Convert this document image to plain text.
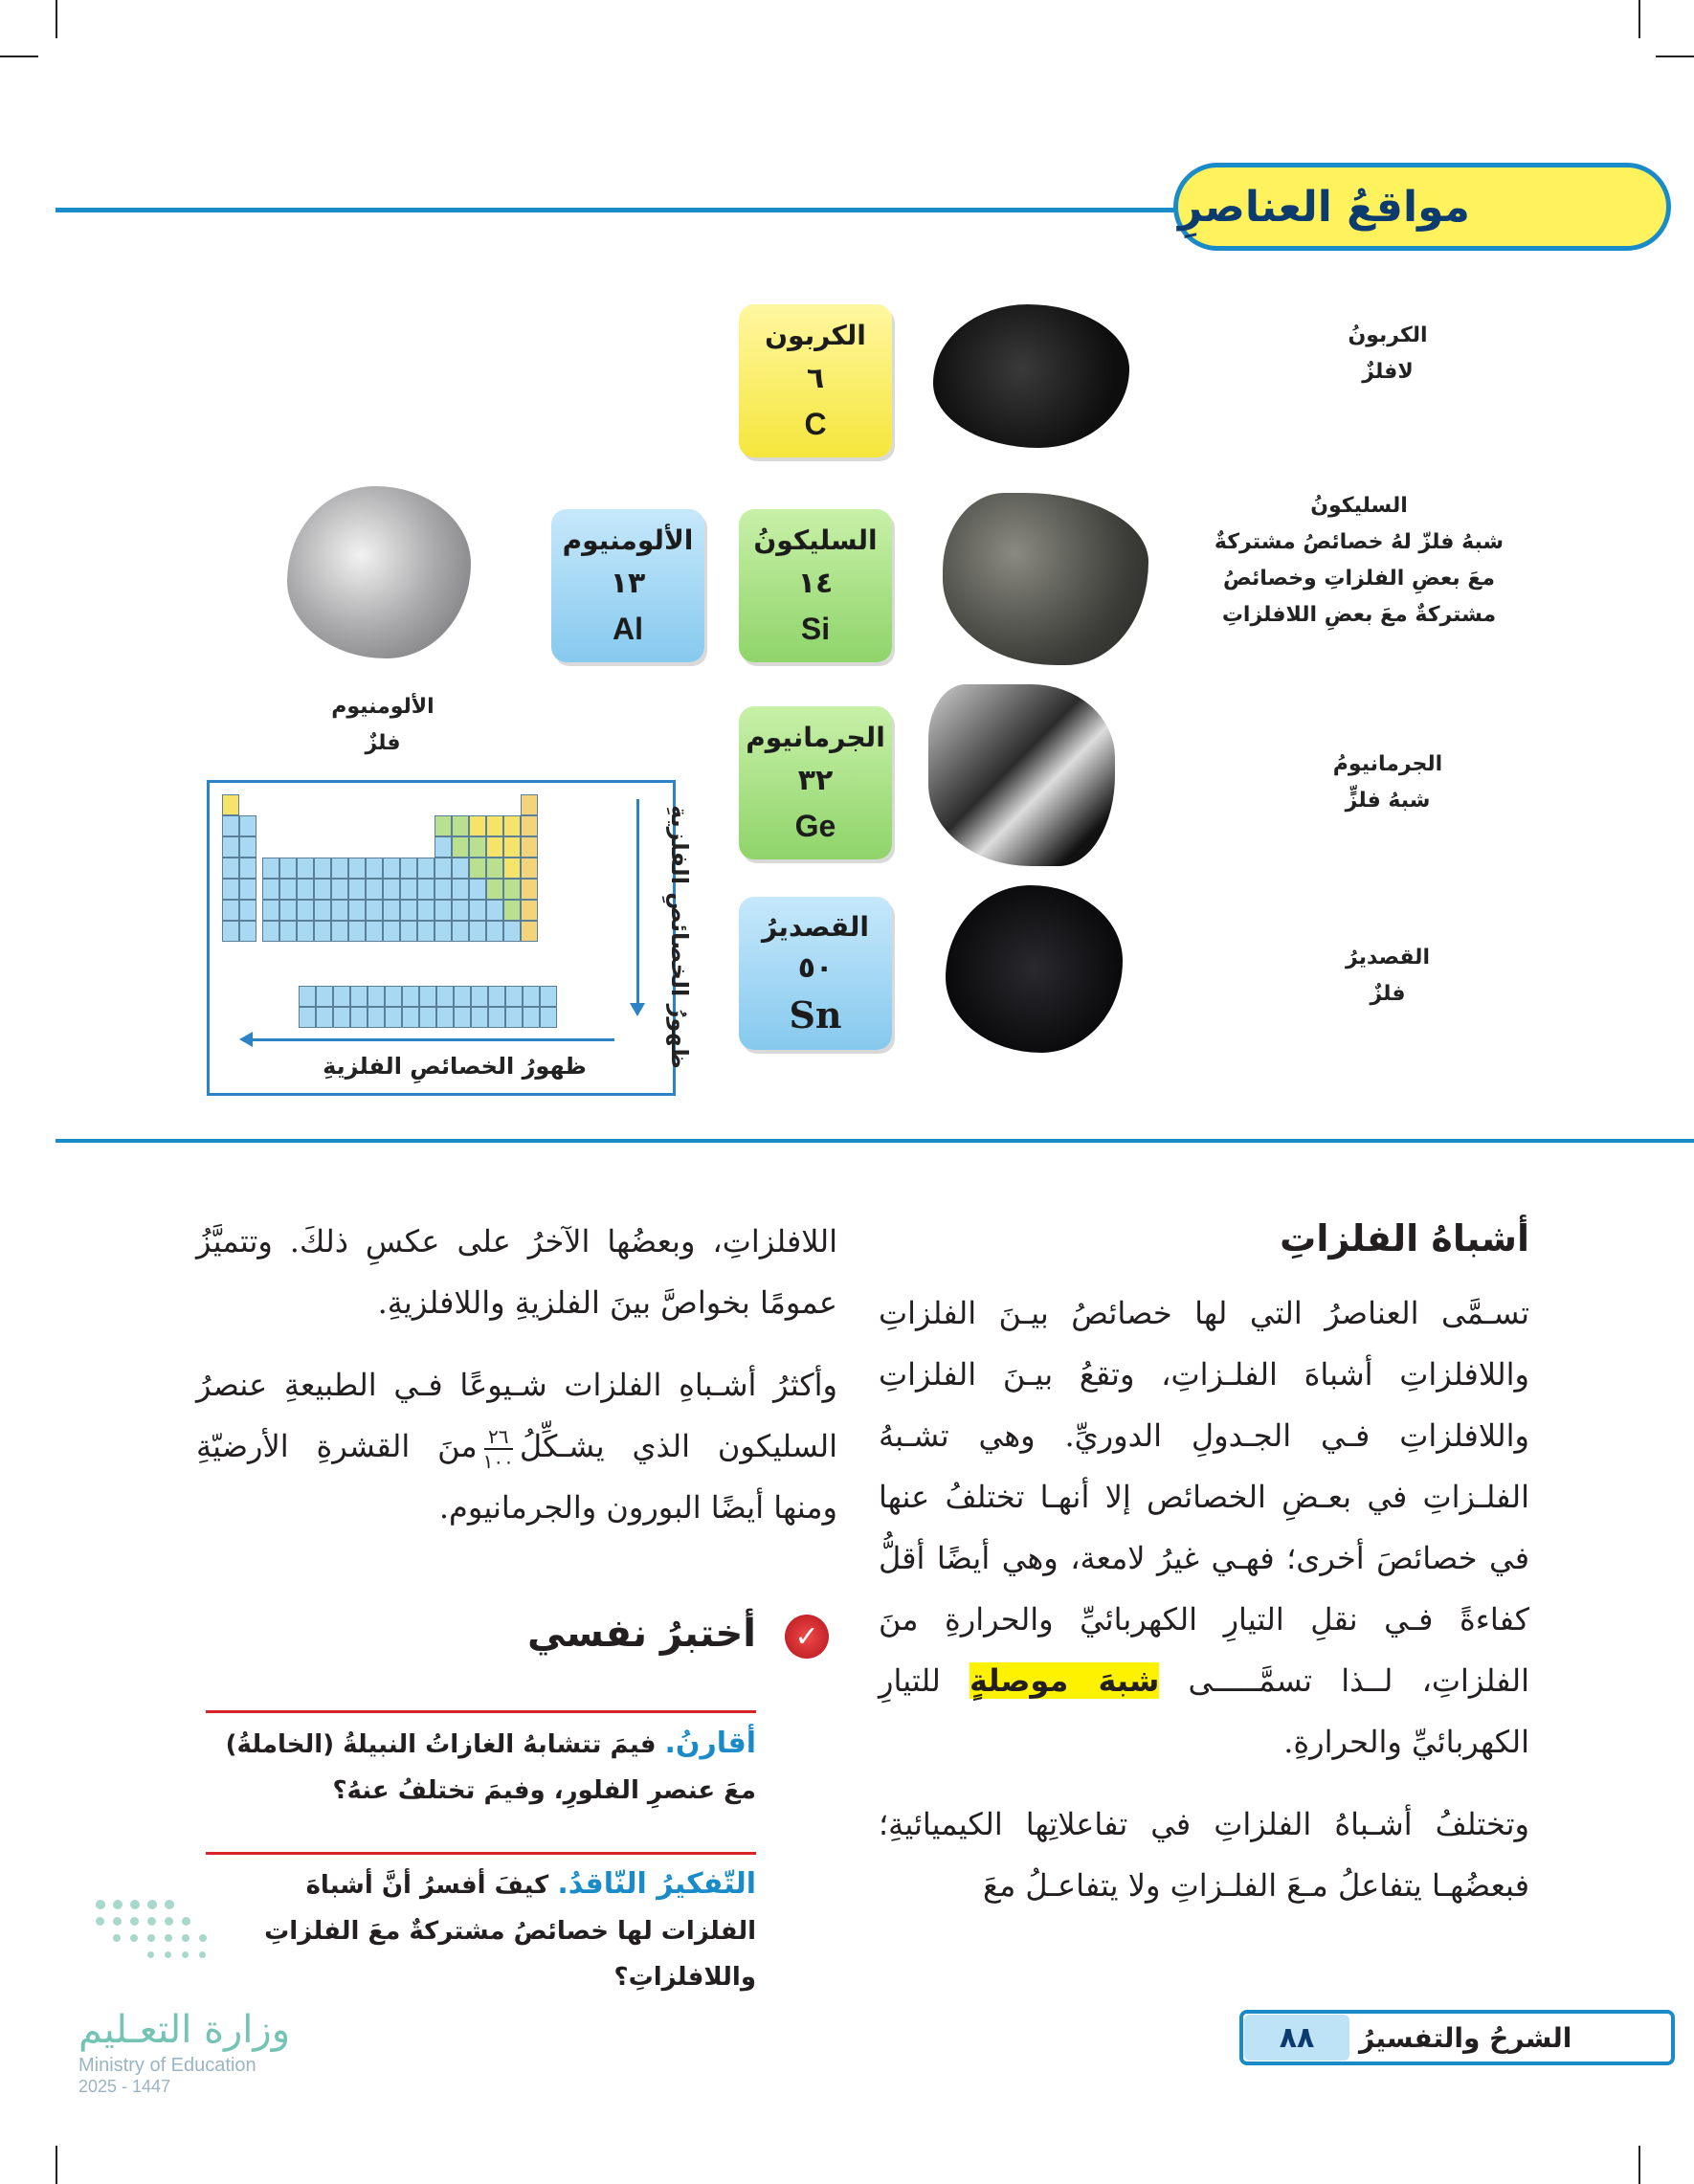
مواقعُ العناصرِ
الكربون
٦
C
السليكونُ
١٤
Si
الألومنيوم
١٣
Al
الجرمانيوم
٣٢
Ge
القصديرُ
٥٠
Sn
الكربونُ
لافلزٌ
السليكونُ
شبهُ فلزّ لهُ خصائصُ مشتركةٌ
معَ بعضِ الفلزاتِ وخصائصُ
مشتركةٌ معَ بعضِ اللافلزاتِ
الجرمانيومُ
شبهُ فلزٍّ
القصديرُ
فلزٌ
الألومنيوم
فلزٌ
ظهورُ الخصائصِ الفلزيةِ	ظهورُ الخصائصِ الفلزيةِ
أشباهُ الفلزاتِ

تسـمَّى العناصرُ التي لها خصائصُ بيـنَ الفلزاتِ واللافلزاتِ أشباهَ الفلـزاتِ، وتقعُ بيـنَ الفلزاتِ واللافلزاتِ فـي الجـدولِ الدوريِّ. وهي تشـبهُ الفلـزاتِ في بعـضِ الخصائص إلا أنهـا تختلفُ عنها في خصائصَ أخرى؛ فهـي غيرُ لامعة، وهي أيضًا أقلُّ كفاءةً فـي نقلِ التيارِ الكهربائيِّ والحرارةِ منَ الفلزاتِ، لــذا تسمَّـــــى شبهَ موصلةٍ للتيارِ الكهربائيِّ والحرارةِ.

وتختلفُ أشـباهُ الفلزاتِ في تفاعلاتِها الكيميائيةِ؛ فبعضُهـا يتفاعلُ مـعَ الفلـزاتِ ولا يتفاعـلُ معَ

اللافلزاتِ، وبعضُها الآخرُ على عكسِ ذلكَ. وتتميَّزُ عمومًا بخواصَّ بينَ الفلزيةِ واللافلزيةِ.

وأكثرُ أشـباهِ الفلزات شـيوعًا فـي الطبيعةِ عنصرُ السليكون الذي يشـكِّلُ
$\frac{٢٦}{١٠٠}$
منَ القشرةِ الأرضيّةِ ومنها أيضًا البورون والجرمانيوم.

✓
أختبرُ نفسي
أقارنُ. فيمَ تتشابهُ الغازاتُ النبيلةُ (الخاملةُ) معَ عنصرِ الفلورِ، وفيمَ تختلفُ عنهُ؟
التّفكيرُ النّاقدُ. كيفَ أفسرُ أنَّ أشباهَ الفلزات لها خصائصُ مشتركةٌ معَ الفلزاتِ واللافلزاتِ؟
الشرحُ والتفسيرُ
٨٨
وزارة التعـليم
Ministry of Education
2025 - 1447
